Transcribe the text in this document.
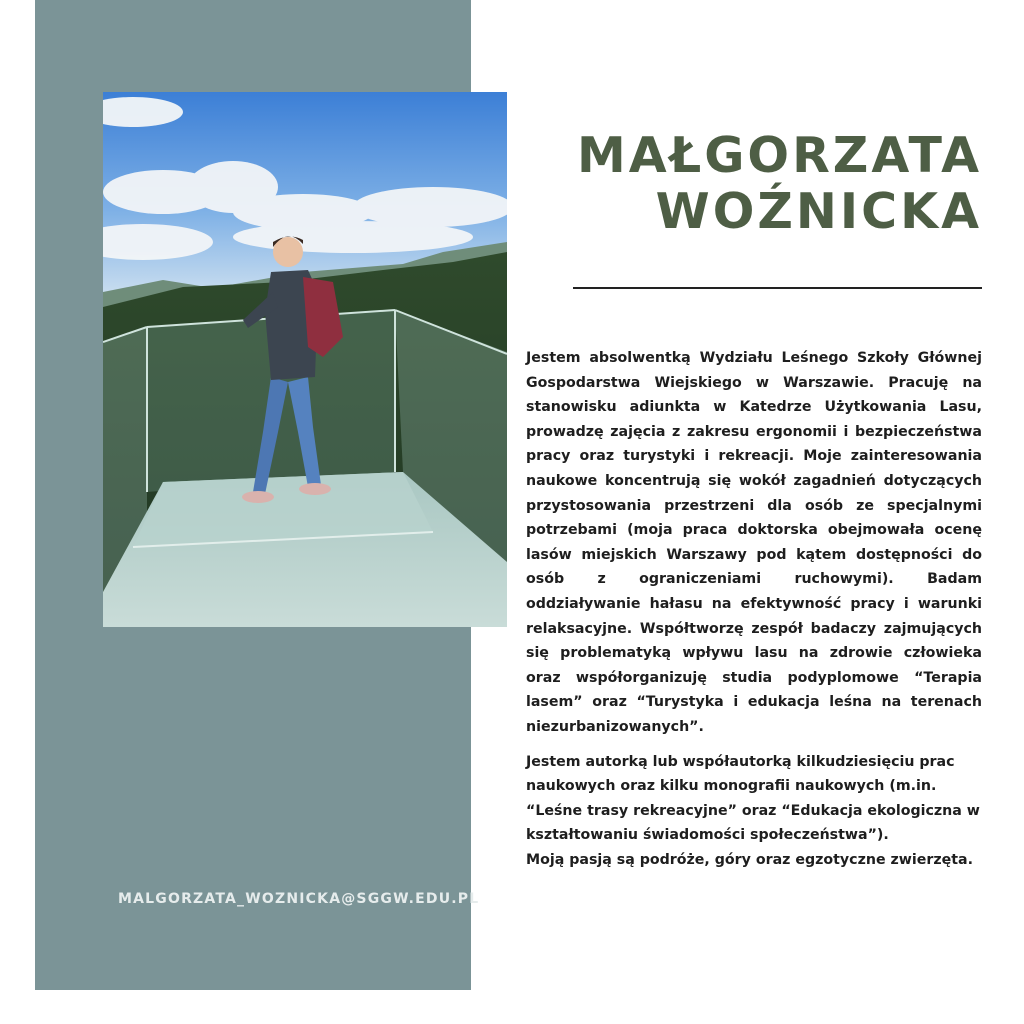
MAŁGORZATA
WOŹNICKA

Jestem absolwentką Wydziału Leśnego Szkoły Głównej Gospodarstwa Wiejskiego w Warszawie. Pracuję na stanowisku adiunkta w Katedrze Użytkowania Lasu, prowadzę zajęcia z zakresu ergonomii i bezpieczeństwa pracy oraz turystyki i rekreacji. Moje zainteresowania naukowe koncentrują się wokół zagadnień dotyczących przystosowania przestrzeni dla osób ze specjalnymi potrzebami (moja praca doktorska obejmowała ocenę lasów miejskich Warszawy pod kątem dostępności do osób z ograniczeniami ruchowymi). Badam oddziaływanie hałasu na efektywność pracy i warunki relaksacyjne. Współtworzę zespół badaczy zajmujących się problematyką wpływu lasu na zdrowie człowieka oraz współorganizuję studia podyplomowe “Terapia lasem” oraz “Turystyka i edukacja leśna na terenach niezurbanizowanych”.

Jestem autorką lub współautorką kilkudziesięciu prac naukowych oraz kilku monografii naukowych (m.in. “Leśne trasy rekreacyjne” oraz “Edukacja ekologiczna w kształtowaniu świadomości społeczeństwa”).
Moją pasją są podróże, góry oraz egzotyczne zwierzęta.

MALGORZATA_WOZNICKA@SGGW.EDU.PL
